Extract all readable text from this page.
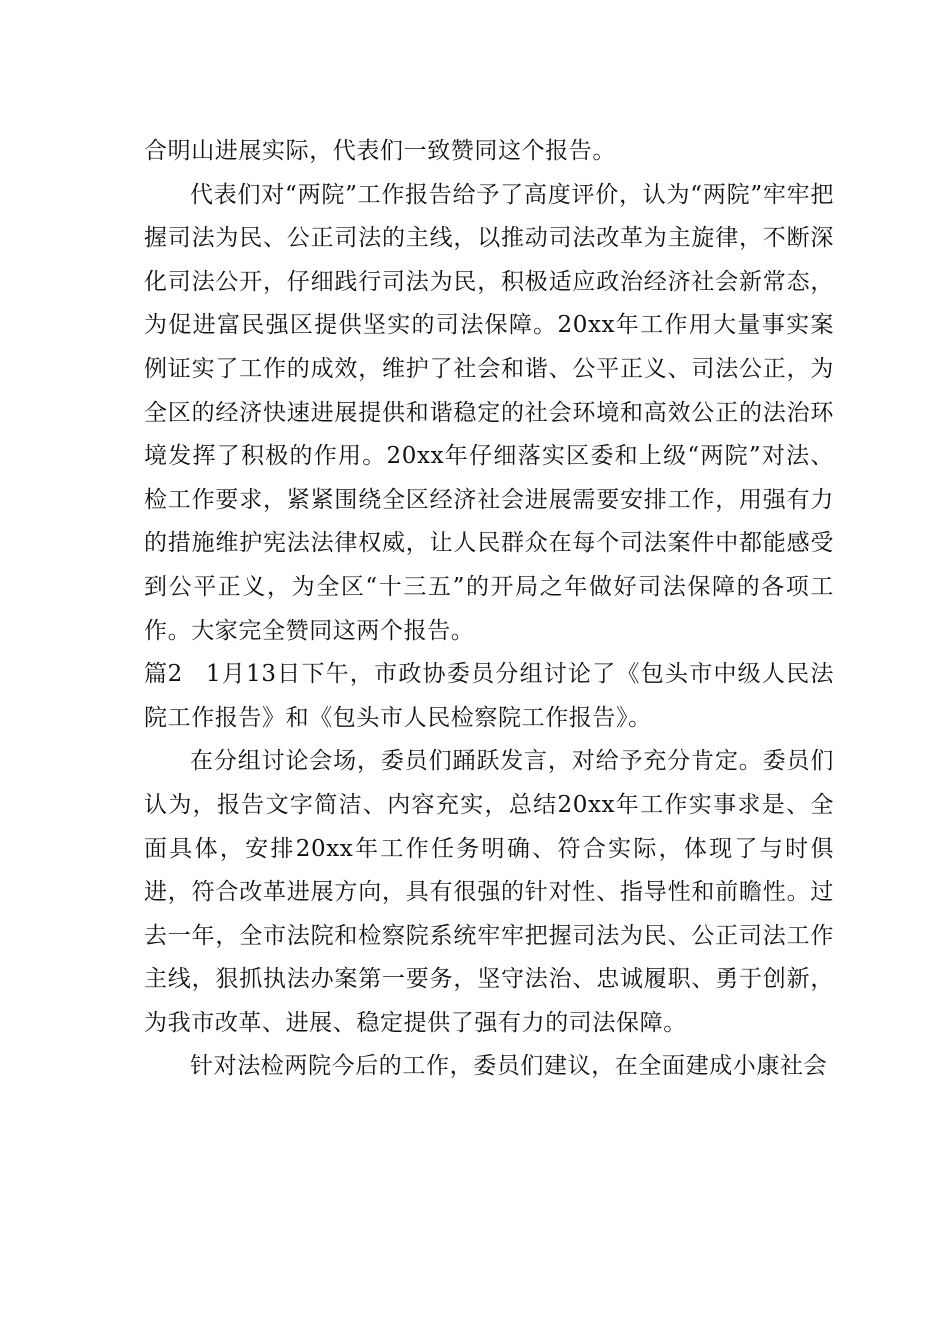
合明山进展实际，代表们一致赞同这个报告。

代表们对“两院”工作报告给予了高度评价，认为“两院”牢牢把握司法为民、公正司法的主线，以推动司法改革为主旋律，不断深化司法公开，仔细践行司法为民，积极适应政治经济社会新常态，为促进富民强区提供坚实的司法保障。20xx年工作用大量事实案例证实了工作的成效，维护了社会和谐、公平正义、司法公正，为全区的经济快速进展提供和谐稳定的社会环境和高效公正的法治环境发挥了积极的作用。20xx年仔细落实区委和上级“两院”对法、检工作要求，紧紧围绕全区经济社会进展需要安排工作，用强有力的措施维护宪法法律权威，让人民群众在每个司法案件中都能感受到公平正义，为全区“十三五”的开局之年做好司法保障的各项工作。大家完全赞同这两个报告。

篇2 1月13日下午，市政协委员分组讨论了《包头市中级人民法院工作报告》和《包头市人民检察院工作报告》。

在分组讨论会场，委员们踊跃发言，对给予充分肯定。委员们认为，报告文字简洁、内容充实，总结20xx年工作实事求是、全面具体，安排20xx年工作任务明确、符合实际，体现了与时俱进，符合改革进展方向，具有很强的针对性、指导性和前瞻性。过去一年，全市法院和检察院系统牢牢把握司法为民、公正司法工作主线，狠抓执法办案第一要务，坚守法治、忠诚履职、勇于创新，为我市改革、进展、稳定提供了强有力的司法保障。

针对法检两院今后的工作，委员们建议，在全面建成小康社会
